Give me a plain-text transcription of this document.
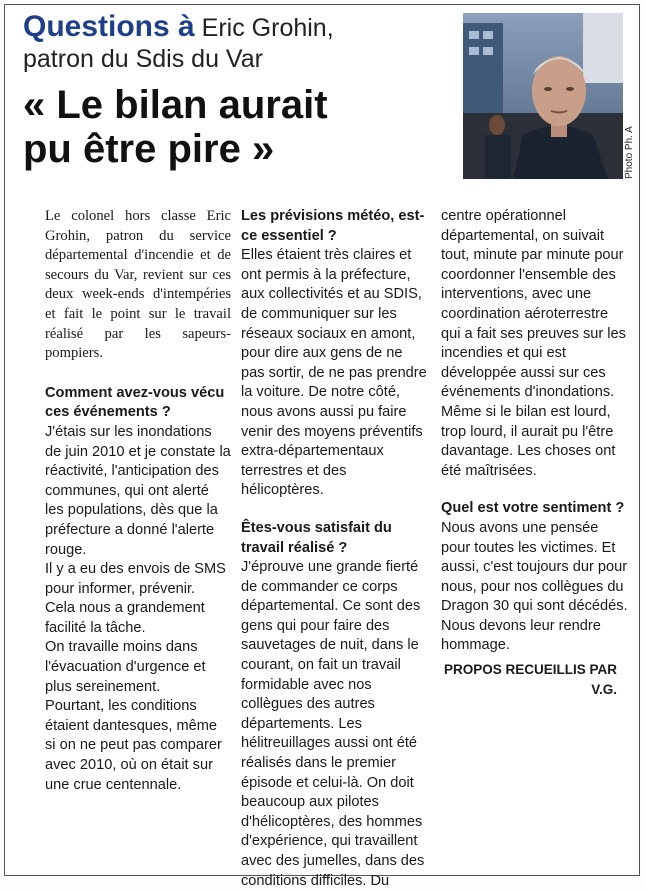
Questions à Eric Grohin,
patron du Sdis du Var
« Le bilan aurait
pu être pire »	Photo Ph. A

Le colonel hors classe Eric Grohin, patron du service départemental d'incendie et de secours du Var, revient sur ces deux week-ends d'intempéries et fait le point sur le travail réalisé par les sapeurs-pompiers.

Comment avez-vous vécu ces événements ?

J'étais sur les inondations de juin 2010 et je constate la réactivité, l'anticipation des communes, qui ont alerté les populations, dès que la préfecture a donné l'alerte rouge.

Il y a eu des envois de SMS pour informer, prévenir.

Cela nous a grandement facilité la tâche.

On travaille moins dans l'évacuation d'urgence et plus sereinement.

Pourtant, les conditions étaient dantesques, même si on ne peut pas comparer avec 2010, où on était sur une crue centennale.

Les prévisions météo, est-ce essentiel ?

Elles étaient très claires et ont permis à la préfecture, aux collectivités et au SDIS, de communiquer sur les réseaux sociaux en amont, pour dire aux gens de ne pas sortir, de ne pas prendre la voiture. De notre côté, nous avons aussi pu faire venir des moyens préventifs extra-départementaux terrestres et des hélicoptères.

Êtes-vous satisfait du travail réalisé ?

J'éprouve une grande fierté de commander ce corps départemental. Ce sont des gens qui pour faire des sauvetages de nuit, dans le courant, on fait un travail formidable avec nos collègues des autres départements. Les hélitreuillages aussi ont été réalisés dans le premier épisode et celui-là. On doit beaucoup aux pilotes d'hélicoptères, des hommes d'expérience, qui travaillent avec des jumelles, dans des conditions difficiles. Du

centre opérationnel départemental, on suivait tout, minute par minute pour coordonner l'ensemble des interventions, avec une coordination aéroterrestre qui a fait ses preuves sur les incendies et qui est développée aussi sur ces événements d'inondations. Même si le bilan est lourd, trop lourd, il aurait pu l'être davantage. Les choses ont été maîtrisées.

Quel est votre sentiment ?

Nous avons une pensée pour toutes les victimes. Et aussi, c'est toujours dur pour nous, pour nos collègues du Dragon 30 qui sont décédés. Nous devons leur rendre hommage.

PROPOS RECUEILLIS PAR
V.G.
